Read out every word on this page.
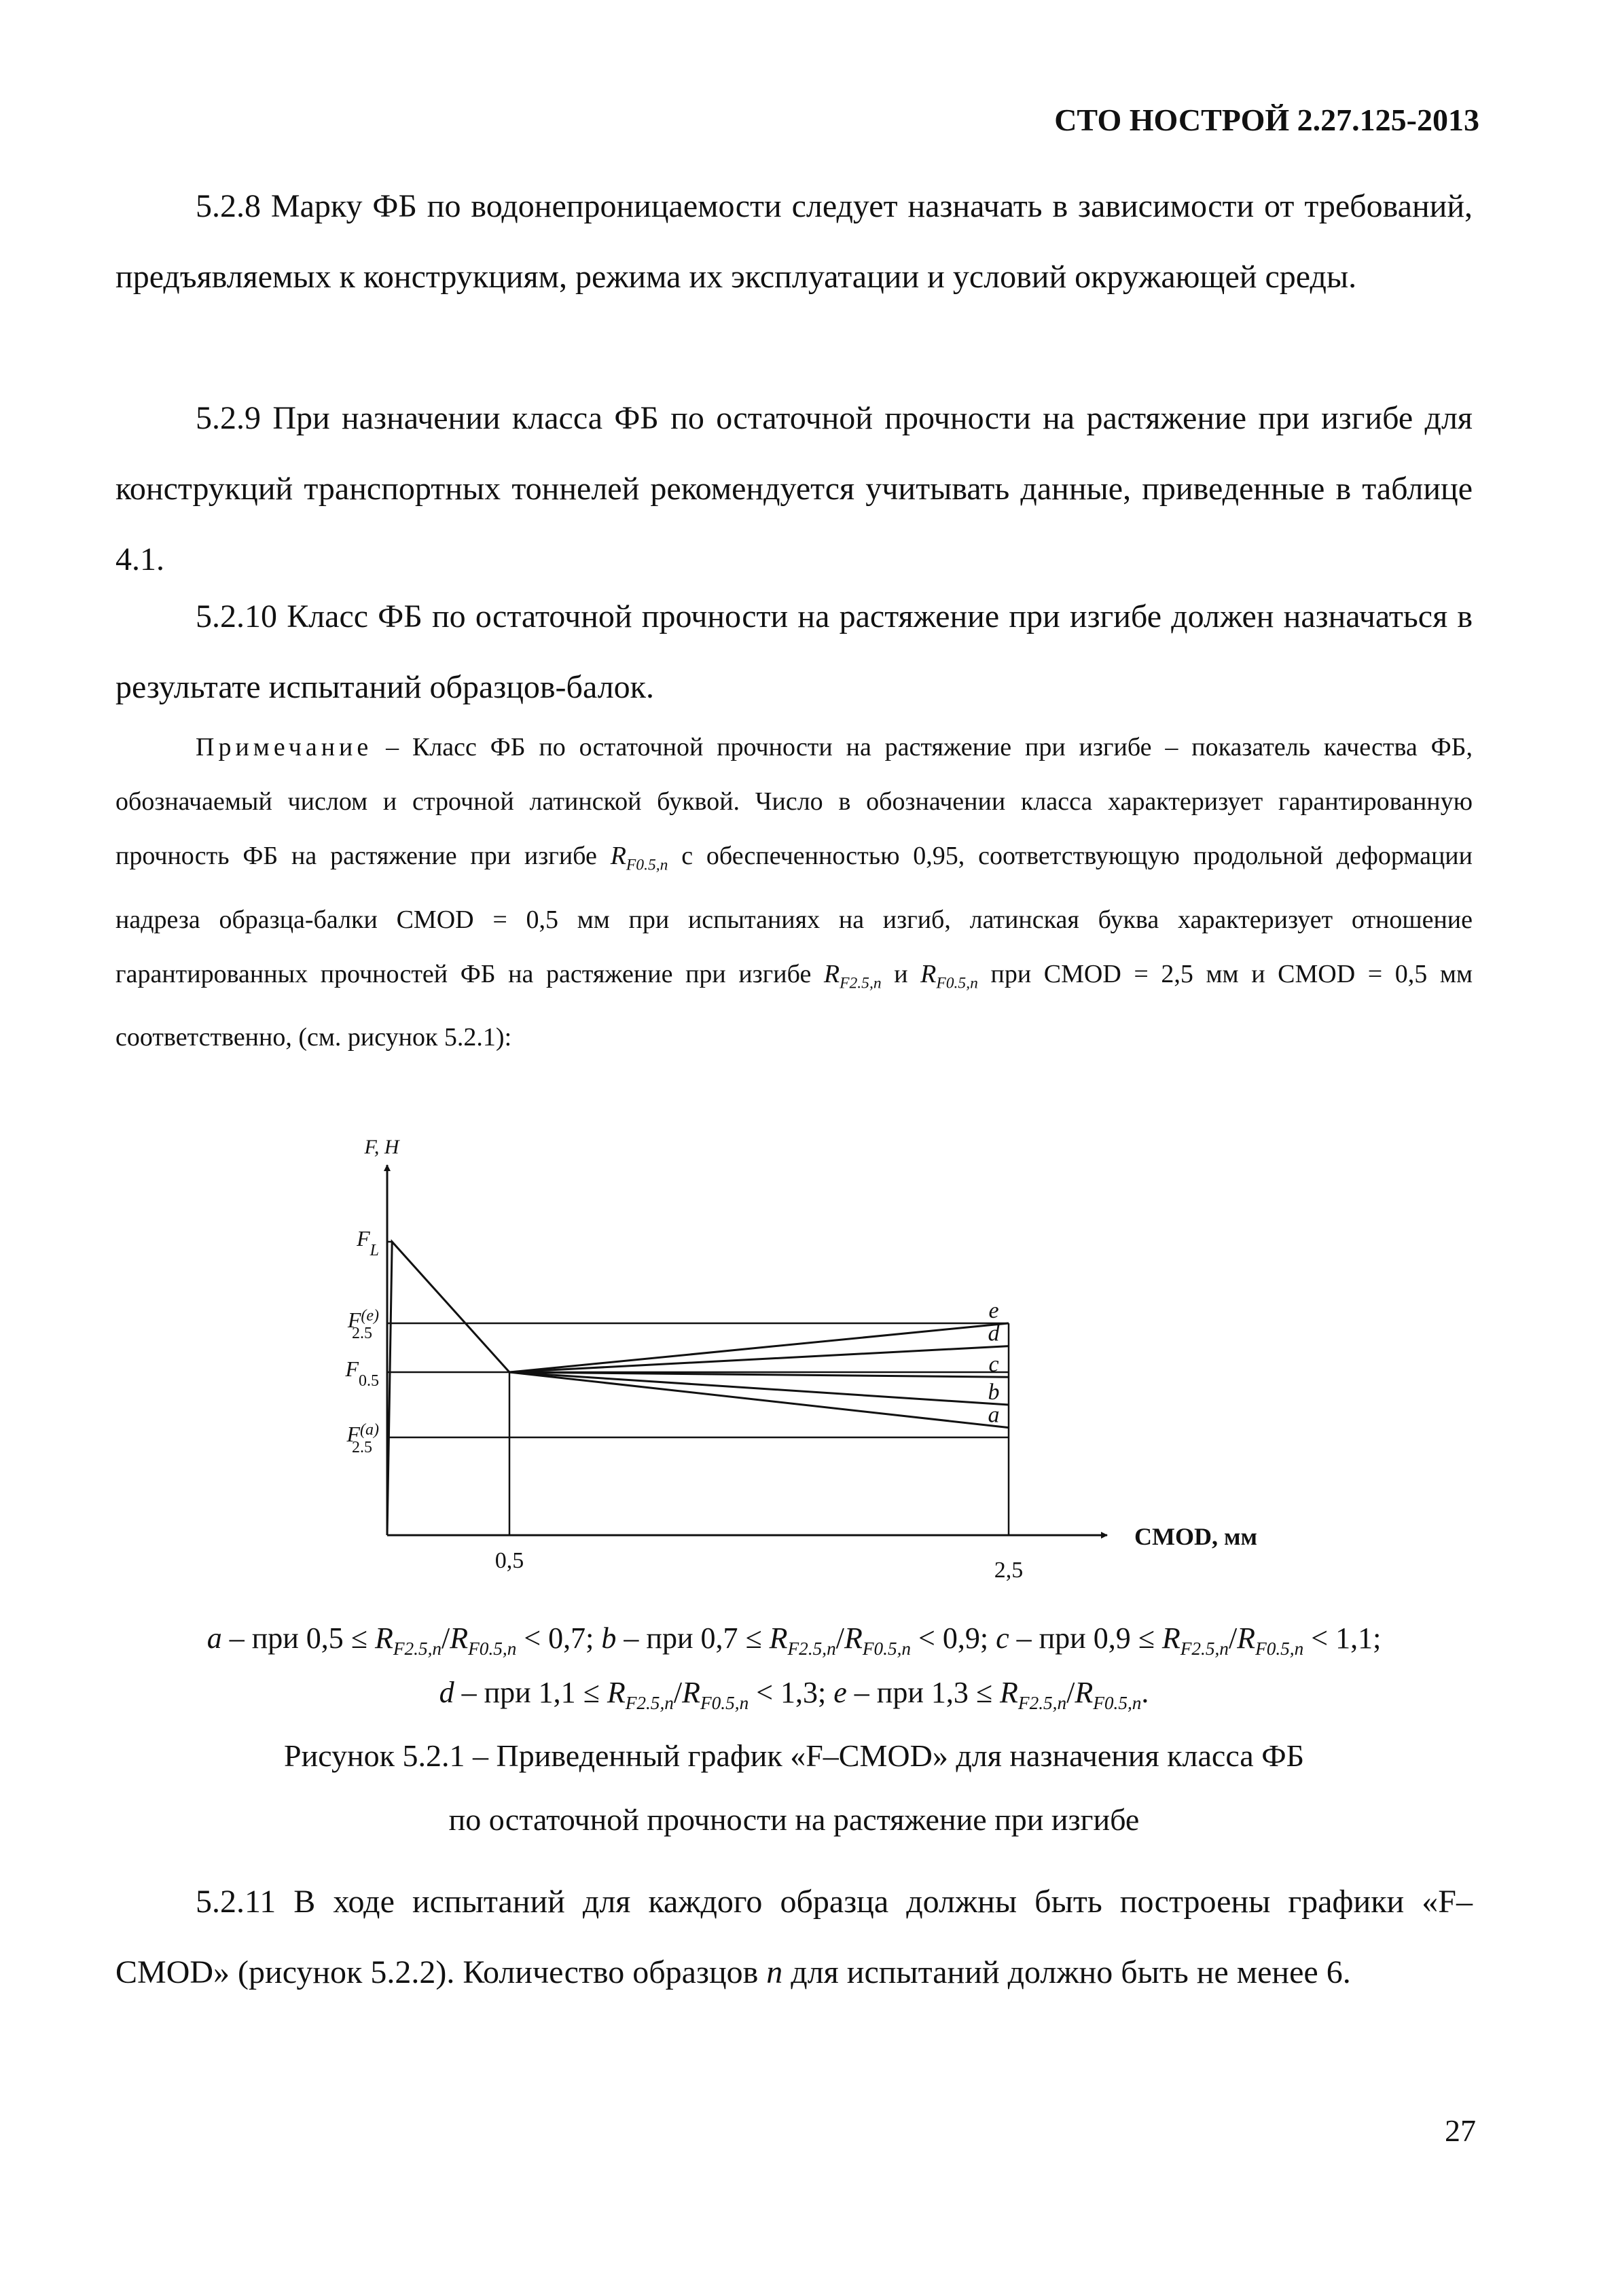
СТО НОСТРОЙ 2.27.125-2013

5.2.8 Марку ФБ по водонепроницаемости следует назначать в зависимости от требований, предъявляемых к конструкциям, режима их эксплуатации и условий окружающей среды.

5.2.9 При назначении класса ФБ по остаточной прочности на растяжение при изгибе для конструкций транспортных тоннелей рекомендуется учитывать данные, приведенные в таблице 4.1.

5.2.10 Класс ФБ по остаточной прочности на растяжение при изгибе должен назначаться в результате испытаний образцов-балок.

Примечание – Класс ФБ по остаточной прочности на растяжение при изгибе – показатель качества ФБ, обозначаемый числом и строчной латинской буквой. Число в обозначении класса характеризует гарантированную прочность ФБ на растяжение при изгибе $R_{F0.5,n}$ с обеспеченностью 0,95, соответствующую продольной деформации надреза образца-балки CMOD = 0,5 мм при испытаниях на изгиб, латинская буква характеризует отношение гарантированных прочностей ФБ на растяжение при изгибе $R_{F2.5,n}$ и $R_{F0.5,n}$ при CMOD = 2,5 мм и CMOD = 0,5 мм соответственно, (см. рисунок 5.2.1):

e
d
c
b
a
F, H
CMOD, мм
0,5	2,5
$F_L$
$F^{(e)}$ 2.5
$F_{0.5}$
$F^{(a)}$ 2.5

a – при $0,5 \le R_{F2.5,n}/R_{F0.5,n} < 0,7$; b – при $0,7 \le R_{F2.5,n}/R_{F0.5,n} < 0,9$; c – при $0,9 \le R_{F2.5,n}/R_{F0.5,n} < 1,1$;

d – при $1,1 \le R_{F2.5,n}/R_{F0.5,n} < 1,3$; e – при $1,3 \le R_{F2.5,n}/R_{F0.5,n}$.

Рисунок 5.2.1 – Приведенный график «F–CMOD» для назначения класса ФБ

по остаточной прочности на растяжение при изгибе

5.2.11 В ходе испытаний для каждого образца должны быть построены графики «F–CMOD» (рисунок 5.2.2). Количество образцов n для испытаний должно быть не менее 6.

27
